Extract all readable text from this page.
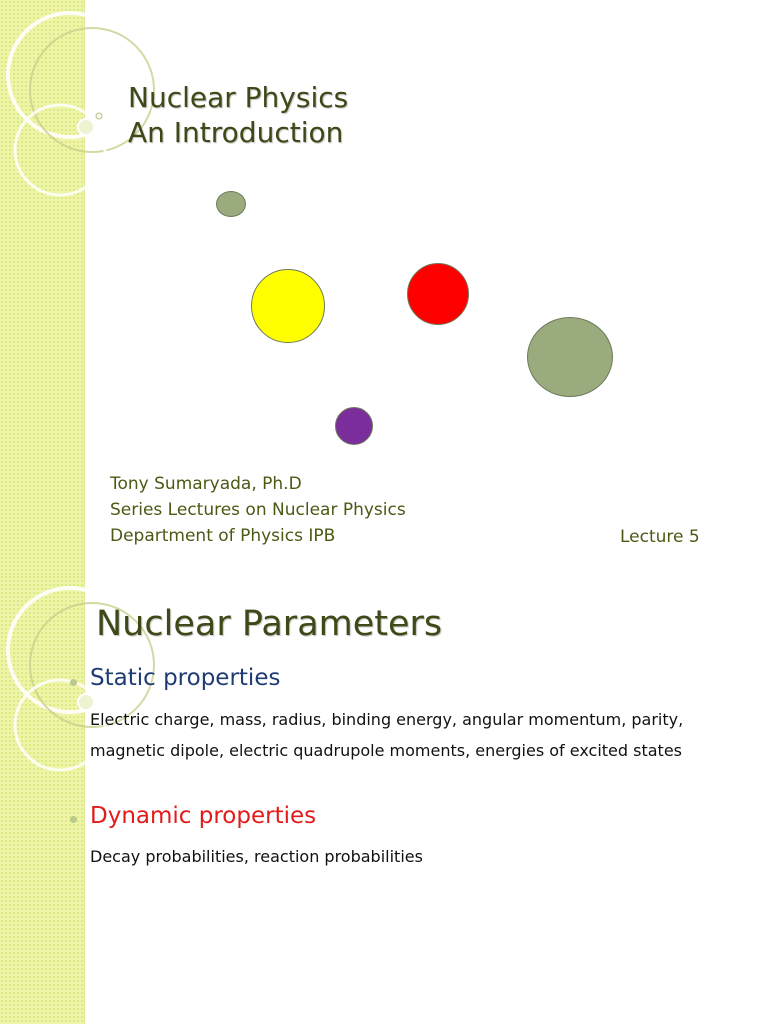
Nuclear Physics
An Introduction
Tony Sumaryada, Ph.D
Series Lectures on Nuclear Physics
Department of Physics IPB	Lecture 5
Nuclear Parameters
Static properties
Electric charge, mass, radius, binding energy, angular momentum, parity,
magnetic dipole, electric quadrupole moments, energies of excited states
Dynamic properties
Decay probabilities, reaction probabilities
